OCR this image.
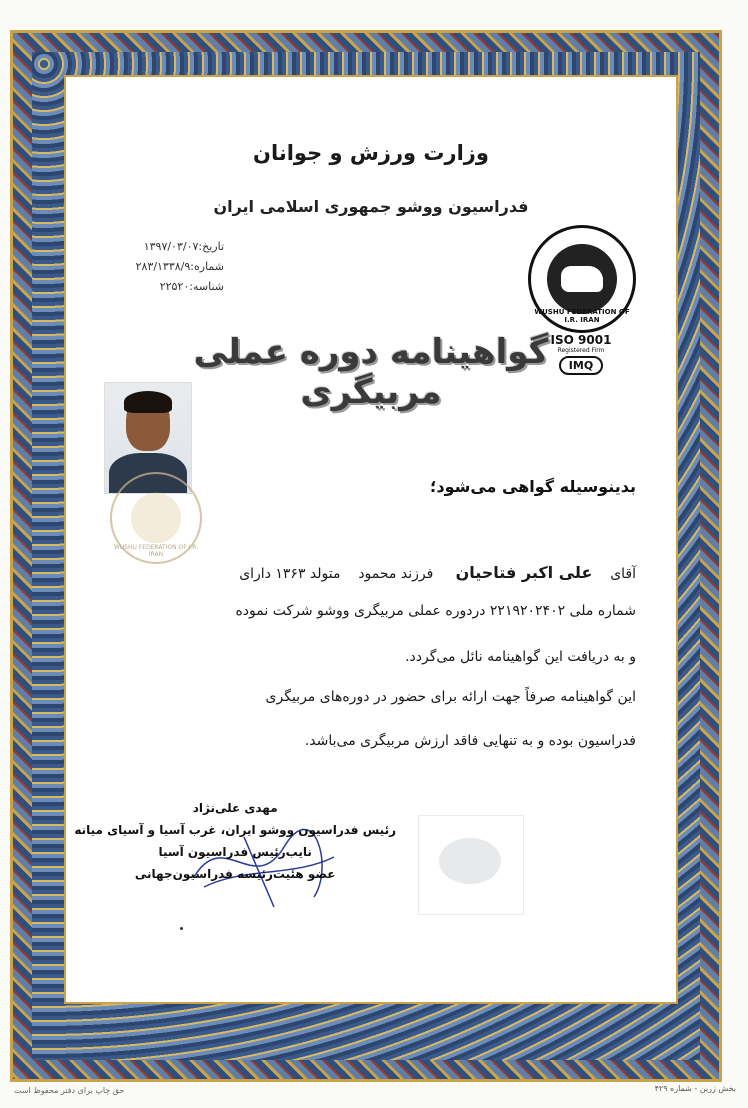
وزارت ورزش و جوانان
فدراسیون ووشو جمهوری اسلامی ایران
تاریخ:۱۳۹۷/۰۳/۰۷
شماره:۲۸۳/۱۳۳۸/۹
شناسه:۲۲۵۲۰
WUSHU FEDERATION OF I.R. IRAN
ISO 9001
Registered Firm
IMQ
گواهینامه دوره عملی مربیگری
WUSHU FEDERATION OF I.R. IRAN
بدینوسیله گواهی می‌شود؛
آقای    علی اکبر فتاحیان     فرزند محمود    متولد ۱۳۶۳ دارای
شماره ملی ۲۲۱۹۲۰۲۴۰۲ دردوره عملی مربیگری ووشو شرکت نموده
و به دریافت این گواهینامه نائل می‌گردد.
این گواهینامه صرفاً جهت ارائه برای حضور در دوره‌های مربیگری
فدراسیون بوده و به تنهایی فاقد ارزش مربیگری می‌باشد.
مهدی علی‌نژاد
رئیس فدراسیون ووشو ایران، غرب آسیا و آسیای میانه
نایب‌رئیس فدراسیون آسیا
عضو هئیت‌رئیسه فدراسیون‌جهانی
حق چاپ برای دفتر محفوظ است	بخش زرین - شماره ۴۲۹
